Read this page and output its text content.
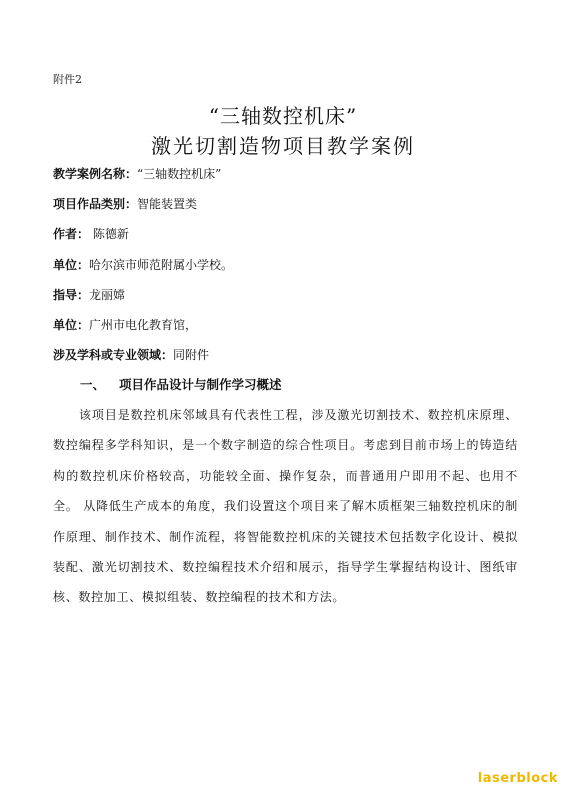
附件2
“三轴数控机床”
激光切割造物项目教学案例
教学案例名称：“三轴数控机床”
项目作品类别：智能装置类
作者： 陈德新
单位：哈尔滨市师范附属小学校。
指导：龙丽嫦
单位：广州市电化教育馆，
涉及学科或专业领域：同附件
一、 项目作品设计与制作学习概述
该项目是数控机床邻域具有代表性工程，涉及激光切割技术、数控机床原理、数控编程多学科知识，是一个数字制造的综合性项目。考虑到目前市场上的铸造结构的数控机床价格较高，功能较全面、操作复杂，而普通用户即用不起、也用不全。 从降低生产成本的角度，我们设置这个项目来了解木质框架三轴数控机床的制作原理、制作技术、制作流程，将智能数控机床的关键技术包括数字化设计、模拟装配、激光切割技术、数控编程技术介绍和展示，指导学生掌握结构设计、图纸审核、数控加工、模拟组装、数控编程的技术和方法。
laserblock
